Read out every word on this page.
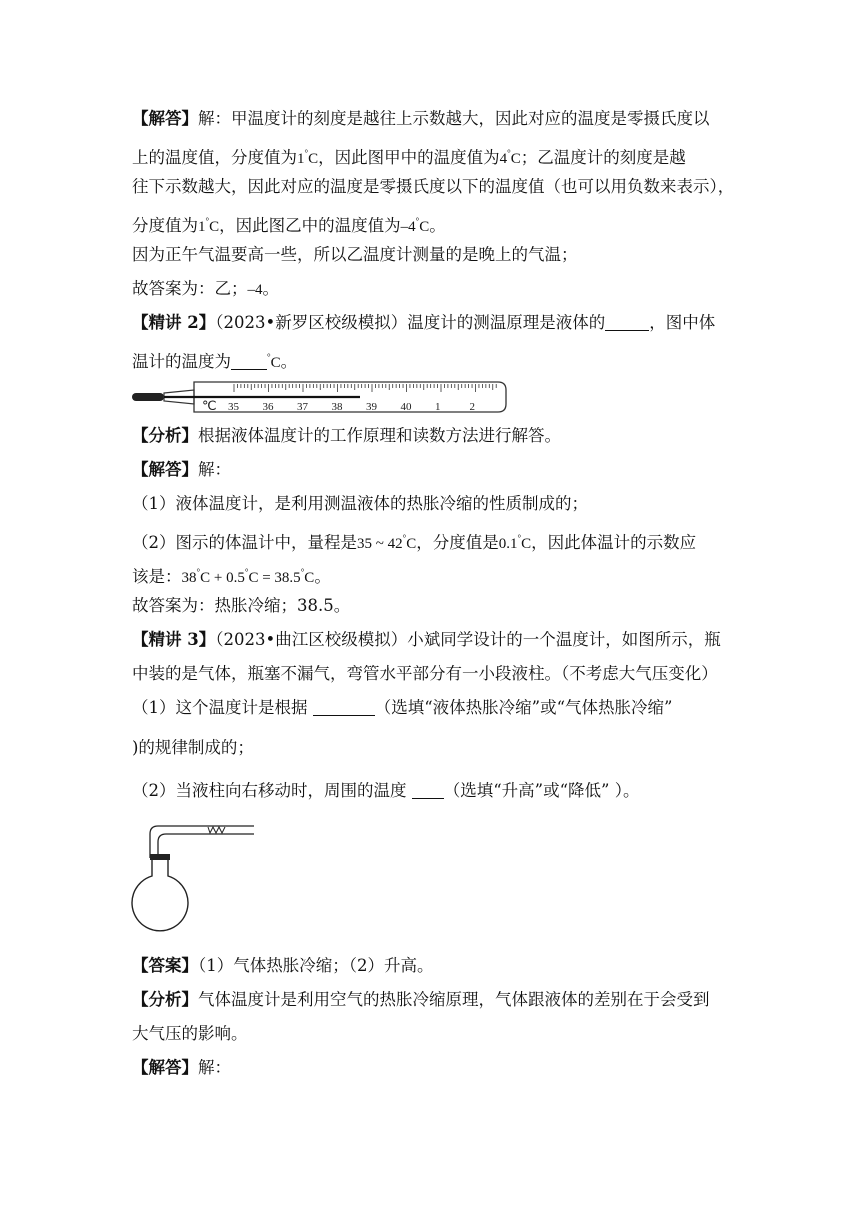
【解答】解：甲温度计的刻度是越往上示数越大，因此对应的温度是零摄氏度以
上的温度值，分度值为1°C，因此图甲中的温度值为4°C；乙温度计的刻度是越
往下示数越大，因此对应的温度是零摄氏度以下的温度值（也可以用负数来表示），
分度值为1°C，因此图乙中的温度值为–4°C。
因为正午气温要高一些，所以乙温度计测量的是晚上的气温；
故答案为：乙；–4。
【精讲 2】（2023•新罗区校级模拟）温度计的测温原理是液体的	，图中体
温计的温度为	°C。
℃ 35 36 37 38 39 40 1	2
【分析】根据液体温度计的工作原理和读数方法进行解答。
【解答】解：
（1）液体温度计，是利用测温液体的热胀冷缩的性质制成的；
（2）图示的体温计中，量程是35 ~ 42°C，分度值是0.1°C，因此体温计的示数应
该是：38°C + 0.5°C = 38.5°C。
故答案为：热胀冷缩；38.5。
【精讲 3】（2023•曲江区校级模拟）小斌同学设计的一个温度计，如图所示，瓶
中装的是气体，瓶塞不漏气，弯管水平部分有一小段液柱。（不考虑大气压变化）
（1）这个温度计是根据	（选填“液体热胀冷缩”或“气体热胀冷缩”
)的规律制成的；
（2）当液柱向右移动时，周围的温度 （选填“升高”或“降低” ）。
【答案】（1）气体热胀冷缩；（2）升高。
【分析】气体温度计是利用空气的热胀冷缩原理，气体跟液体的差别在于会受到
大气压的影响。
【解答】解：
